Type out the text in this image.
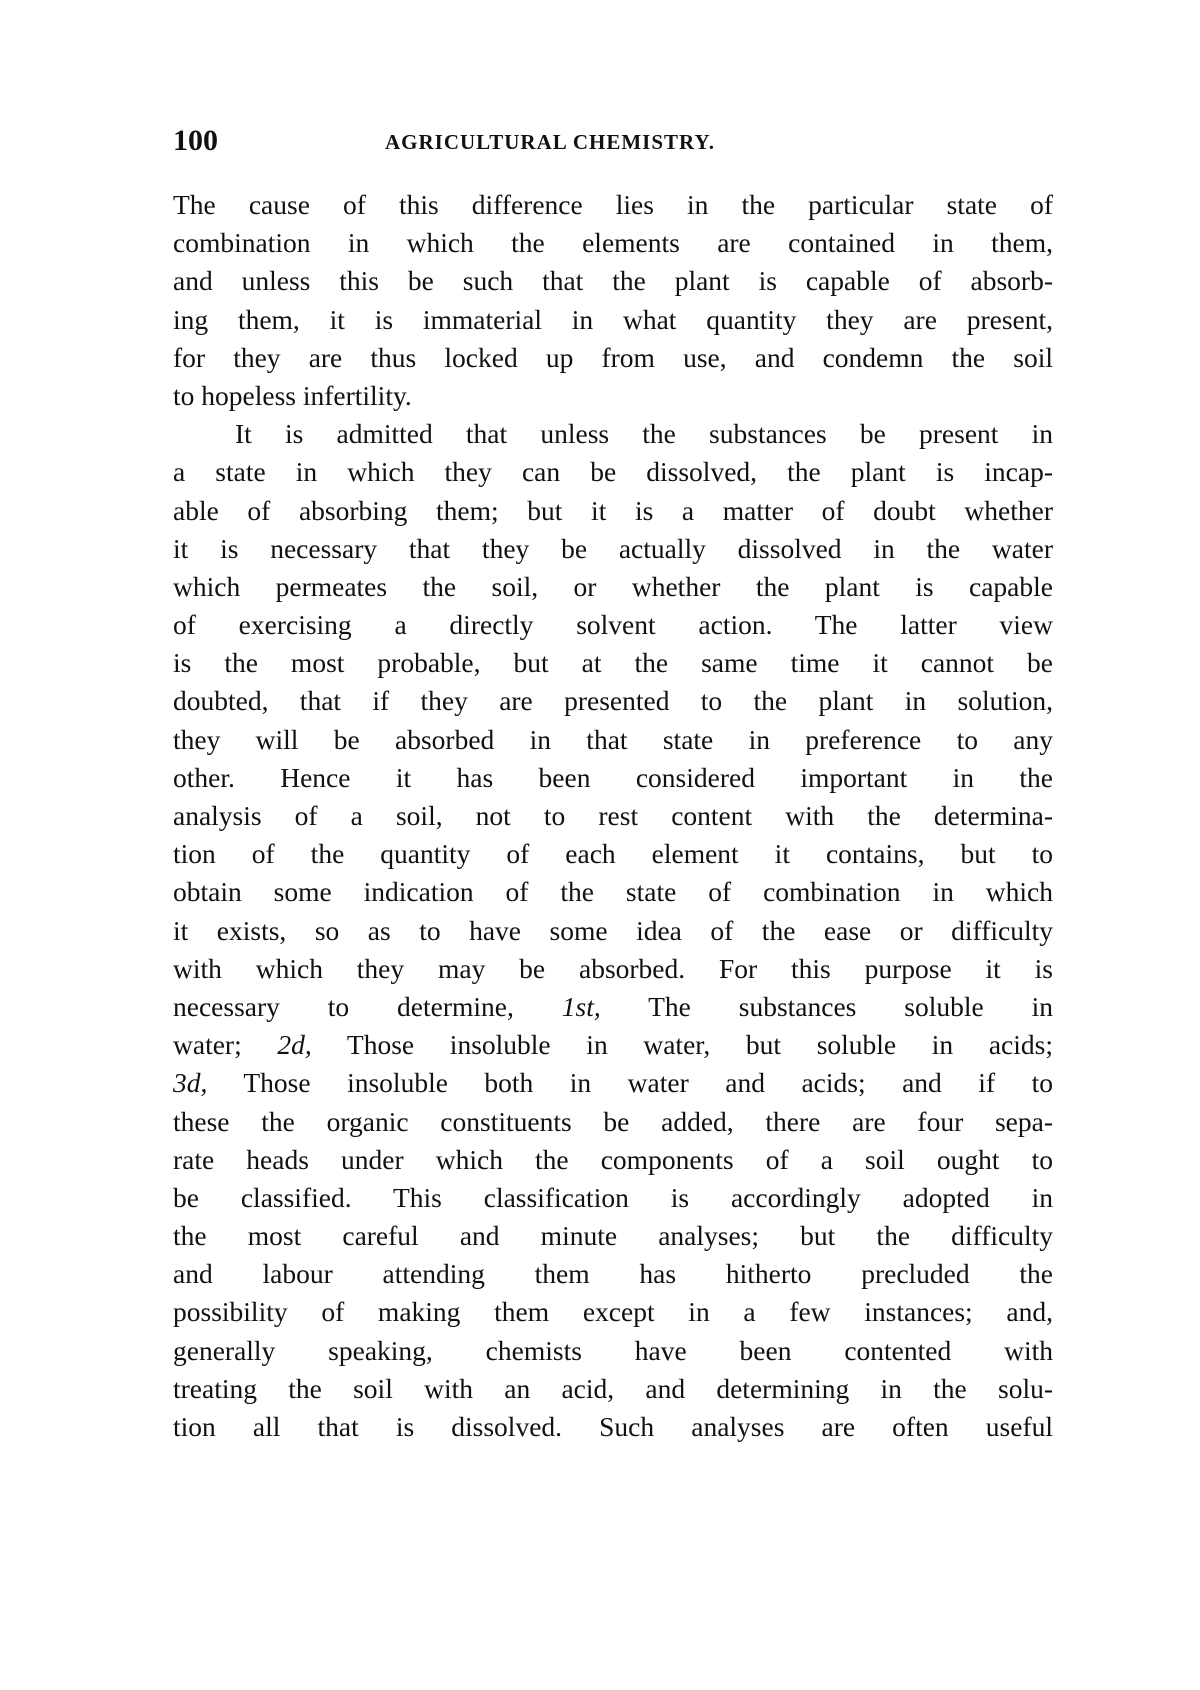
100	AGRICULTURAL CHEMISTRY.
The cause of this difference lies in the particular state of
combination in which the elements are contained in them,
and unless this be such that the plant is capable of absorb-
ing them, it is immaterial in what quantity they are present,
for they are thus locked up from use, and condemn the soil
to hopeless infertility.
It is admitted that unless the substances be present in
a state in which they can be dissolved, the plant is incap-
able of absorbing them; but it is a matter of doubt whether
it is necessary that they be actually dissolved in the water
which permeates the soil, or whether the plant is capable
of exercising a directly solvent action. The latter view
is the most probable, but at the same time it cannot be
doubted, that if they are presented to the plant in solution,
they will be absorbed in that state in preference to any
other. Hence it has been considered important in the
analysis of a soil, not to rest content with the determina-
tion of the quantity of each element it contains, but to
obtain some indication of the state of combination in which
it exists, so as to have some idea of the ease or difficulty
with which they may be absorbed. For this purpose it is
necessary to determine, 1st, The substances soluble in
water; 2d, Those insoluble in water, but soluble in acids;
3d, Those insoluble both in water and acids; and if to
these the organic constituents be added, there are four sepa-
rate heads under which the components of a soil ought to
be classified. This classification is accordingly adopted in
the most careful and minute analyses; but the difficulty
and labour attending them has hitherto precluded the
possibility of making them except in a few instances; and,
generally speaking, chemists have been contented with
treating the soil with an acid, and determining in the solu-
tion all that is dissolved. Such analyses are often useful
